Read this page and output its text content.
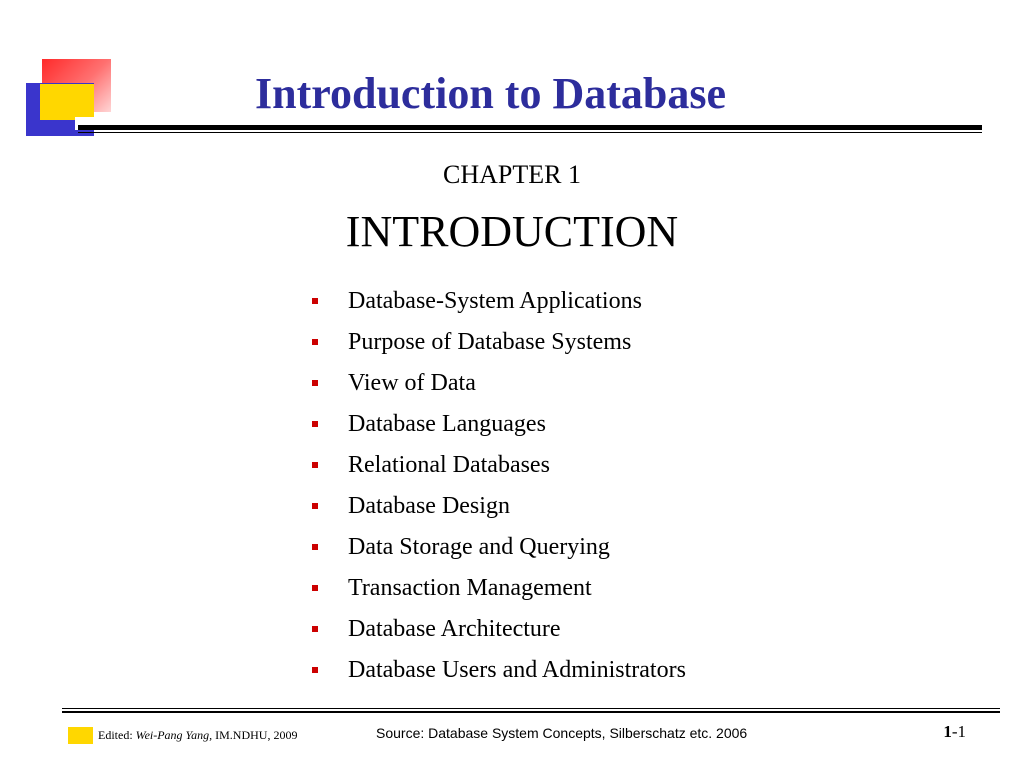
Introduction to Database
CHAPTER 1
INTRODUCTION
Database-System Applications
Purpose of Database Systems
View of Data
Database Languages
Relational Databases
Database Design
Data Storage and Querying
Transaction Management
Database Architecture
Database Users and Administrators
Edited: Wei-Pang Yang, IM.NDHU, 2009	Source: Database System Concepts, Silberschatz etc. 2006	1-1
